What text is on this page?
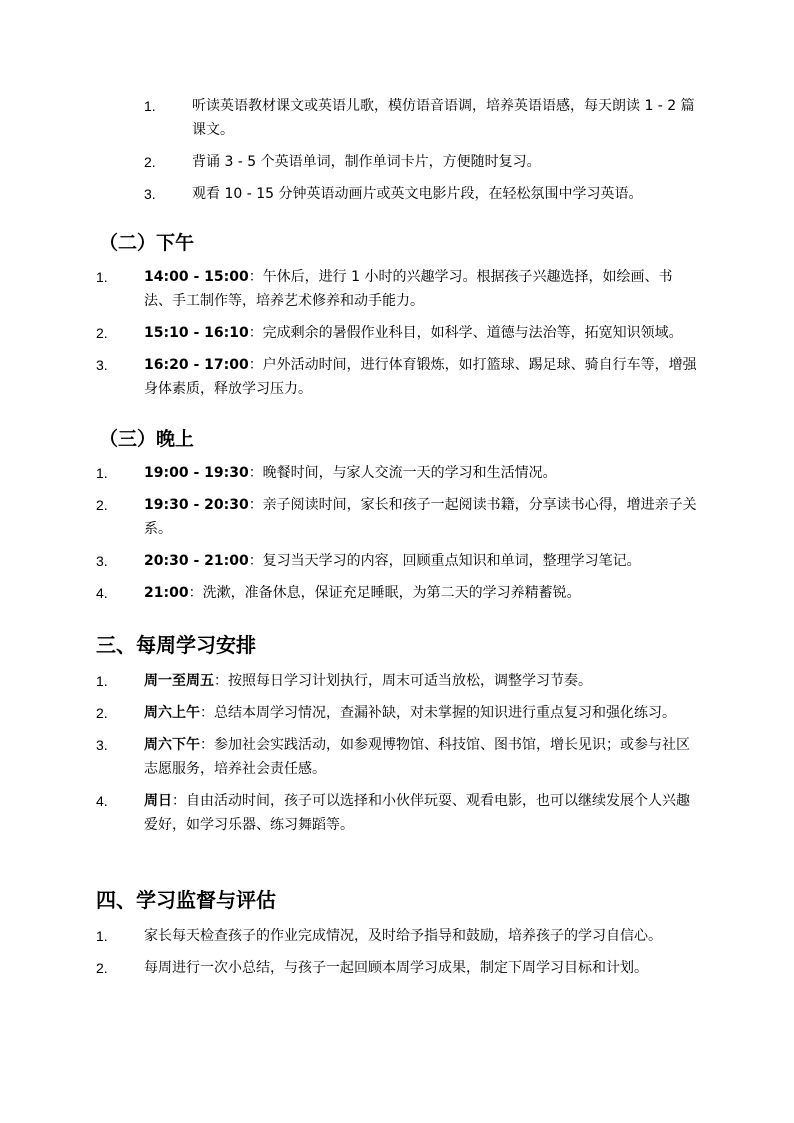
1.	听读英语教材课文或英语儿歌，模仿语音语调，培养英语语感，每天朗读 1 - 2 篇课文。
2.	背诵 3 - 5 个英语单词，制作单词卡片，方便随时复习。
3.	观看 10 - 15 分钟英语动画片或英文电影片段，在轻松氛围中学习英语。
（二）下午
1.	14:00 - 15:00：午休后，进行 1 小时的兴趣学习。根据孩子兴趣选择，如绘画、书法、手工制作等，培养艺术修养和动手能力。
2.	15:10 - 16:10：完成剩余的暑假作业科目，如科学、道德与法治等，拓宽知识领域。
3.	16:20 - 17:00：户外活动时间，进行体育锻炼，如打篮球、踢足球、骑自行车等，增强身体素质，释放学习压力。
（三）晚上
1.	19:00 - 19:30：晚餐时间，与家人交流一天的学习和生活情况。
2.	19:30 - 20:30：亲子阅读时间，家长和孩子一起阅读书籍，分享读书心得，增进亲子关系。
3.	20:30 - 21:00：复习当天学习的内容，回顾重点知识和单词，整理学习笔记。
4.	21:00：洗漱，准备休息，保证充足睡眠，为第二天的学习养精蓄锐。
三、每周学习安排
1.	周一至周五：按照每日学习计划执行，周末可适当放松，调整学习节奏。
2.	周六上午：总结本周学习情况，查漏补缺，对未掌握的知识进行重点复习和强化练习。
3.	周六下午：参加社会实践活动，如参观博物馆、科技馆、图书馆，增长见识；或参与社区志愿服务，培养社会责任感。
4.	周日：自由活动时间，孩子可以选择和小伙伴玩耍、观看电影，也可以继续发展个人兴趣爱好，如学习乐器、练习舞蹈等。
四、学习监督与评估
1.	家长每天检查孩子的作业完成情况，及时给予指导和鼓励，培养孩子的学习自信心。
2.	每周进行一次小总结，与孩子一起回顾本周学习成果，制定下周学习目标和计划。
